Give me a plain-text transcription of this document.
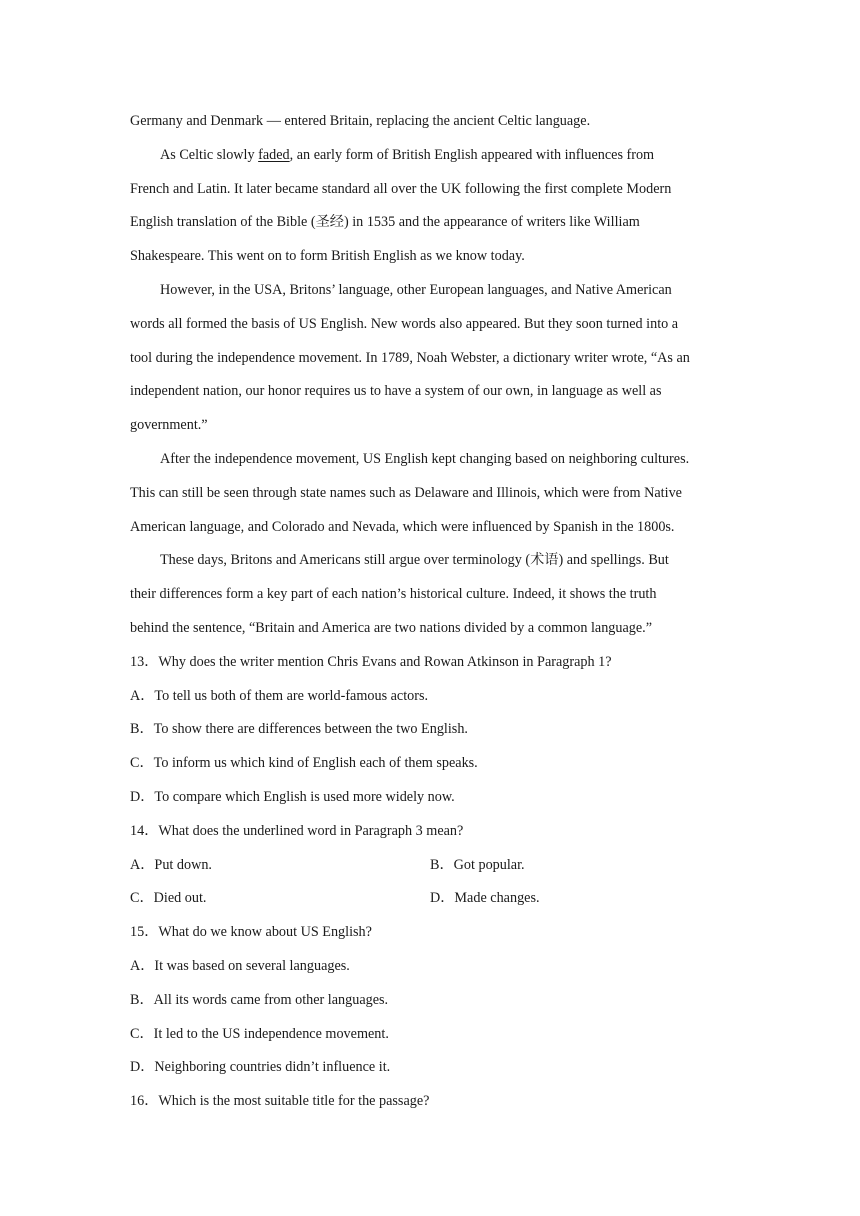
Germany and Denmark — entered Britain, replacing the ancient Celtic language.
As Celtic slowly faded, an early form of British English appeared with influences from
French and Latin. It later became standard all over the UK following the first complete Modern
English translation of the Bible (圣经) in 1535 and the appearance of writers like William
Shakespeare. This went on to form British English as we know today.
However, in the USA, Britons’ language, other European languages, and Native American
words all formed the basis of US English. New words also appeared. But they soon turned into a
tool during the independence movement. In 1789, Noah Webster, a dictionary writer wrote, “As an
independent nation, our honor requires us to have a system of our own, in language as well as
government.”
After the independence movement, US English kept changing based on neighboring cultures.
This can still be seen through state names such as Delaware and Illinois, which were from Native
American language, and Colorado and Nevada, which were influenced by Spanish in the 1800s.
These days, Britons and Americans still argue over terminology (术语) and spellings. But
their differences form a key part of each nation’s historical culture. Indeed, it shows the truth
behind the sentence, “Britain and America are two nations divided by a common language.”
13．Why does the writer mention Chris Evans and Rowan Atkinson in Paragraph 1?
A．To tell us both of them are world-famous actors.
B．To show there are differences between the two English.
C．To inform us which kind of English each of them speaks.
D．To compare which English is used more widely now.
14．What does the underlined word in Paragraph 3 mean?
A．Put down.	B．Got popular.
C．Died out.	D．Made changes.
15．What do we know about US English?
A．It was based on several languages.
B．All its words came from other languages.
C．It led to the US independence movement.
D．Neighboring countries didn’t influence it.
16．Which is the most suitable title for the passage?
